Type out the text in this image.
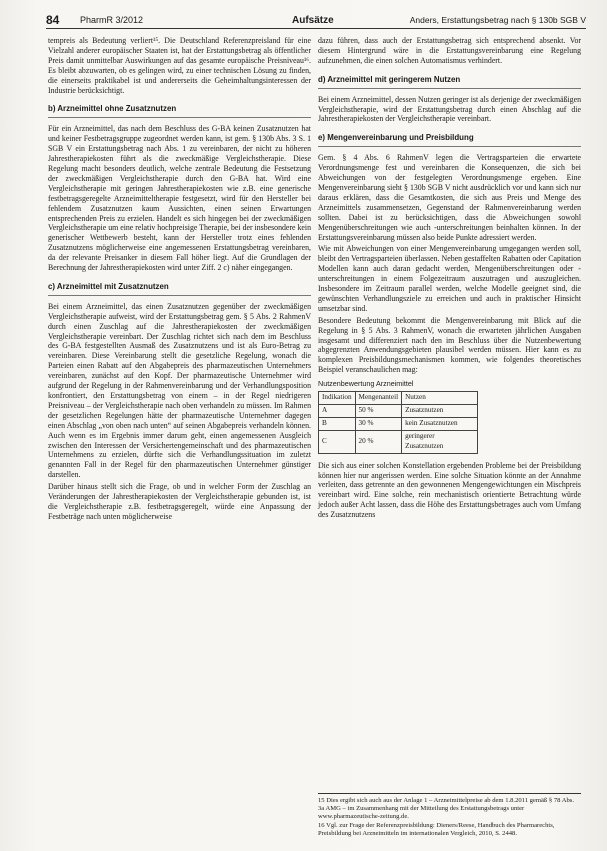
84 PharmR 3/2012	Aufsätze	Anders, Erstattungsbetrag nach § 130b SGB V

tempreis als Bedeutung verliert¹⁵. Die Deutschland Referenzpreisland für eine Vielzahl anderer europäischer Staaten ist, hat der Erstattungsbetrag als öffentlicher Preis damit unmittelbar Auswirkungen auf das gesamte europäische Preisniveau¹⁶. Es bleibt abzuwarten, ob es gelingen wird, zu einer technischen Lösung zu finden, die einerseits praktikabel ist und andererseits die Geheimhaltungsinteressen der Industrie berücksichtigt.

b) Arzneimittel ohne Zusatznutzen

Für ein Arzneimittel, das nach dem Beschluss des G-BA keinen Zusatznutzen hat und keiner Festbetragsgruppe zugeordnet werden kann, ist gem. § 130b Abs. 3 S. 1 SGB V ein Erstattungsbetrag nach Abs. 1 zu vereinbaren, der nicht zu höheren Jahrestherapiekosten führt als die zweckmäßige Vergleichstherapie. Diese Regelung macht besonders deutlich, welche zentrale Bedeutung die Festsetzung der zweckmäßigen Vergleichstherapie durch den G-BA hat. Wird eine Vergleichstherapie mit geringen Jahrestherapiekosten wie z.B. eine generische festbetragsgeregelte Arzneimitteltherapie festgesetzt, wird für den Hersteller bei fehlendem Zusatznutzen kaum Aussichten, einen seinen Erwartungen entsprechenden Preis zu erzielen. Handelt es sich hingegen bei der zweckmäßigen Vergleichstherapie um eine relativ hochpreisige Therapie, bei der insbesondere kein generischer Wettbewerb besteht, kann der Hersteller trotz eines fehlenden Zusatznutzens möglicherweise eine angemessenen Erstattungsbetrag vereinbaren, da der relevante Preisanker in diesem Fall höher liegt. Auf die Grundlagen der Berechnung der Jahrestherapiekosten wird unter Ziff. 2 c) näher eingegangen.

c) Arzneimittel mit Zusatznutzen

Bei einem Arzneimittel, das einen Zusatznutzen gegenüber der zweckmäßigen Vergleichstherapie aufweist, wird der Erstattungsbetrag gem. § 5 Abs. 2 RahmenV durch einen Zuschlag auf die Jahrestherapiekosten der zweckmäßigen Vergleichstherapie vereinbart. Der Zuschlag richtet sich nach dem im Beschluss des G-BA festgestellten Ausmaß des Zusatznutzens und ist als Euro-Betrag zu vereinbaren. Diese Vereinbarung stellt die gesetzliche Regelung, wonach die Parteien einen Rabatt auf den Abgabepreis des pharmazeutischen Unternehmers vereinbaren, zunächst auf den Kopf. Der pharmazeutische Unternehmer wird aufgrund der Regelung in der Rahmenvereinbarung und der Verhandlungsposition konfrontiert, den Erstattungsbetrag von einem – in der Regel niedrigeren Preisniveau – der Vergleichstherapie nach oben verhandeln zu müssen. Im Rahmen der gesetzlichen Regelungen hätte der pharmazeutische Unternehmer dagegen einen Abschlag „von oben nach unten“ auf seinen Abgabepreis verhandeln können. Auch wenn es im Ergebnis immer darum geht, einen angemessenen Ausgleich zwischen den Interessen der Versichertengemeinschaft und des pharmazeutischen Unternehmens zu erzielen, dürfte sich die Verhandlungssituation im zuletzt genannten Fall in der Regel für den pharmazeutischen Unternehmer günstiger darstellen.

Darüber hinaus stellt sich die Frage, ob und in welcher Form der Zuschlag an Veränderungen der Jahrestherapiekosten der Vergleichstherapie gebunden ist, ist die Vergleichstherapie z.B. festbetragsgeregelt, würde eine Anpassung der Festbeträge nach unten möglicherweise

dazu führen, dass auch der Erstattungsbetrag sich entsprechend absenkt. Vor diesem Hintergrund wäre in die Erstattungsvereinbarung eine Regelung aufzunehmen, die einen solchen Automatismus verhindert.

d) Arzneimittel mit geringerem Nutzen

Bei einem Arzneimittel, dessen Nutzen geringer ist als derjenige der zweckmäßigen Vergleichstherapie, wird der Erstattungsbetrag durch einen Abschlag auf die Jahrestherapiekosten der Vergleichstherapie vereinbart.

e) Mengenvereinbarung und Preisbildung

Gem. § 4 Abs. 6 RahmenV legen die Vertragsparteien die erwartete Verordnungsmenge fest und vereinbaren die Konsequenzen, die sich bei Abweichungen von der festgelegten Verordnungsmenge ergeben. Eine Mengenvereinbarung sieht § 130b SGB V nicht ausdrücklich vor und kann sich nur daraus erklären, dass die Gesamtkosten, die sich aus Preis und Menge des Arzneimittels zusammensetzen, Gegenstand der Rahmenvereinbarung werden sollten. Dabei ist zu berücksichtigen, dass die Abweichungen sowohl Mengenüberschreitungen wie auch -unterschreitungen beinhalten können. In der Erstattungsvereinbarung müssen also beide Punkte adressiert werden.

Wie mit Abweichungen von einer Mengenvereinbarung umgegangen werden soll, bleibt den Vertragsparteien überlassen. Neben gestaffelten Rabatten oder Capitation Modellen kann auch daran gedacht werden, Mengenüberschreitungen oder -unterschreitungen in einem Folgezeitraum auszutragen und auszugleichen. Insbesondere im Zeitraum parallel werden, welche Modelle geeignet sind, die gewünschten Verhandlungsziele zu erreichen und auch in praktischer Hinsicht umsetzbar sind.

Besondere Bedeutung bekommt die Mengenvereinbarung mit Blick auf die Regelung in § 5 Abs. 3 RahmenV, wonach die erwarteten jährlichen Ausgaben insgesamt und differenziert nach den im Beschluss über die Nutzenbewertung abgegrenzten Anwendungsgebieten plausibel werden müssen. Hier kann es zu komplexen Preisbildungsmechanismen kommen, wie folgendes theoretisches Beispiel veranschaulichen mag:

Nutzenbewertung Arzneimittel
Indikation	Mengenanteil	Nutzen
A	50 %	Zusatznutzen
B	30 %	kein Zusatznutzen
C	20 %	geringerer Zusatznutzen

Die sich aus einer solchen Konstellation ergebenden Probleme bei der Preisbildung können hier nur angerissen werden. Eine solche Situation könnte an der Annahme verleiten, dass getrennte an den gewonnenen Mengengewichtungen ein Mischpreis vereinbart wird. Eine solche, rein mechanistisch orientierte Betrachtung würde jedoch außer Acht lassen, dass die Höhe des Erstattungsbetrages auch vom Umfang des Zusatznutzens

15 Dies ergibt sich auch aus der Anlage 1 – Arzneimittelpreise ab dem 1.8.2011 gemäß § 78 Abs. 3a AMG – im Zusammenhang mit der Mitteilung des Erstattungsbetrags unter www.pharmazeutische-zeitung.de.
16 Vgl. zur Frage der Referenzpreisbildung: Dieners/Reese, Handbuch des Pharmarechts, Preisbildung bei Arzneimitteln im internationalen Vergleich, 2010, S. 2448.
